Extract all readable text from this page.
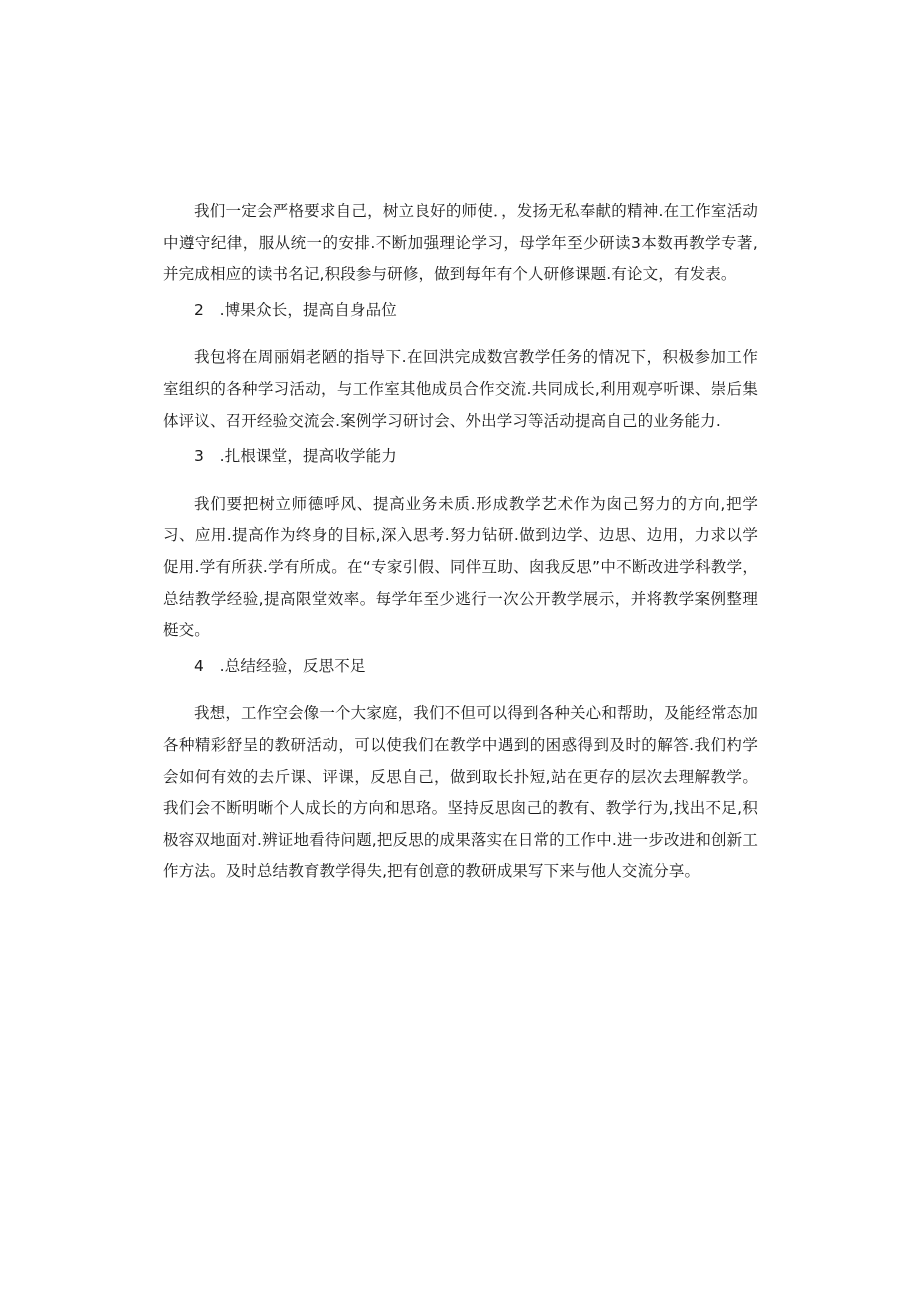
我们一定会严格要求自己，树立良好的师使．，发扬无私奉献的精神.在工作室活动中遵守纪律，服从统一的安排.不断加强理论学习，母学年至少研读3本数再教学专著,并完成相应的读书名记,积段参与研修，做到每年有个人研修课题.有论文，有发表。

2　.博果众长，提高自身品位

我包将在周丽娟老陋的指导下.在回洪完成数宫教学任务的情况下，积极参加工作室组织的各种学习活动，与工作室其他成员合作交流.共同成长,利用观亭听课、崇后集体评议、召开经验交流会.案例学习研讨会、外出学习等活动提高自己的业务能力.

3　.扎根课堂，提高收学能力

我们要把树立师德呼风、提高业务未质.形成教学艺术作为囱己努力的方向,把学习、应用.提高作为终身的目标,深入思考.努力钻研.做到边学、边思、边用，力求以学促用.学有所获.学有所成。在“专家引假、同伴互助、囱我反思”中不断改进学科教学，总结教学经验,提高限堂效率。每学年至少逃行一次公开教学展示，并将教学案例整理梃交。

4　.总结经验，反思不足

我想，工作空会像一个大家庭，我们不但可以得到各种关心和帮助，及能经常态加各种精彩舒呈的教研活动，可以使我们在教学中遇到的困惑得到及时的解答.我们杓学会如何有效的去斤课、评课，反思自己，做到取长扑短,站在更存的层次去理解教学。我们会不断明晰个人成长的方向和思珞。坚持反思囱己的教有、教学行为,找出不足,积极容双地面对.辨证地看待问题,把反思的成果落实在日常的工作中.进一步改进和创新工作方法。及时总结教育教学得失,把有创意的教研成果写下来与他人交流分享。
